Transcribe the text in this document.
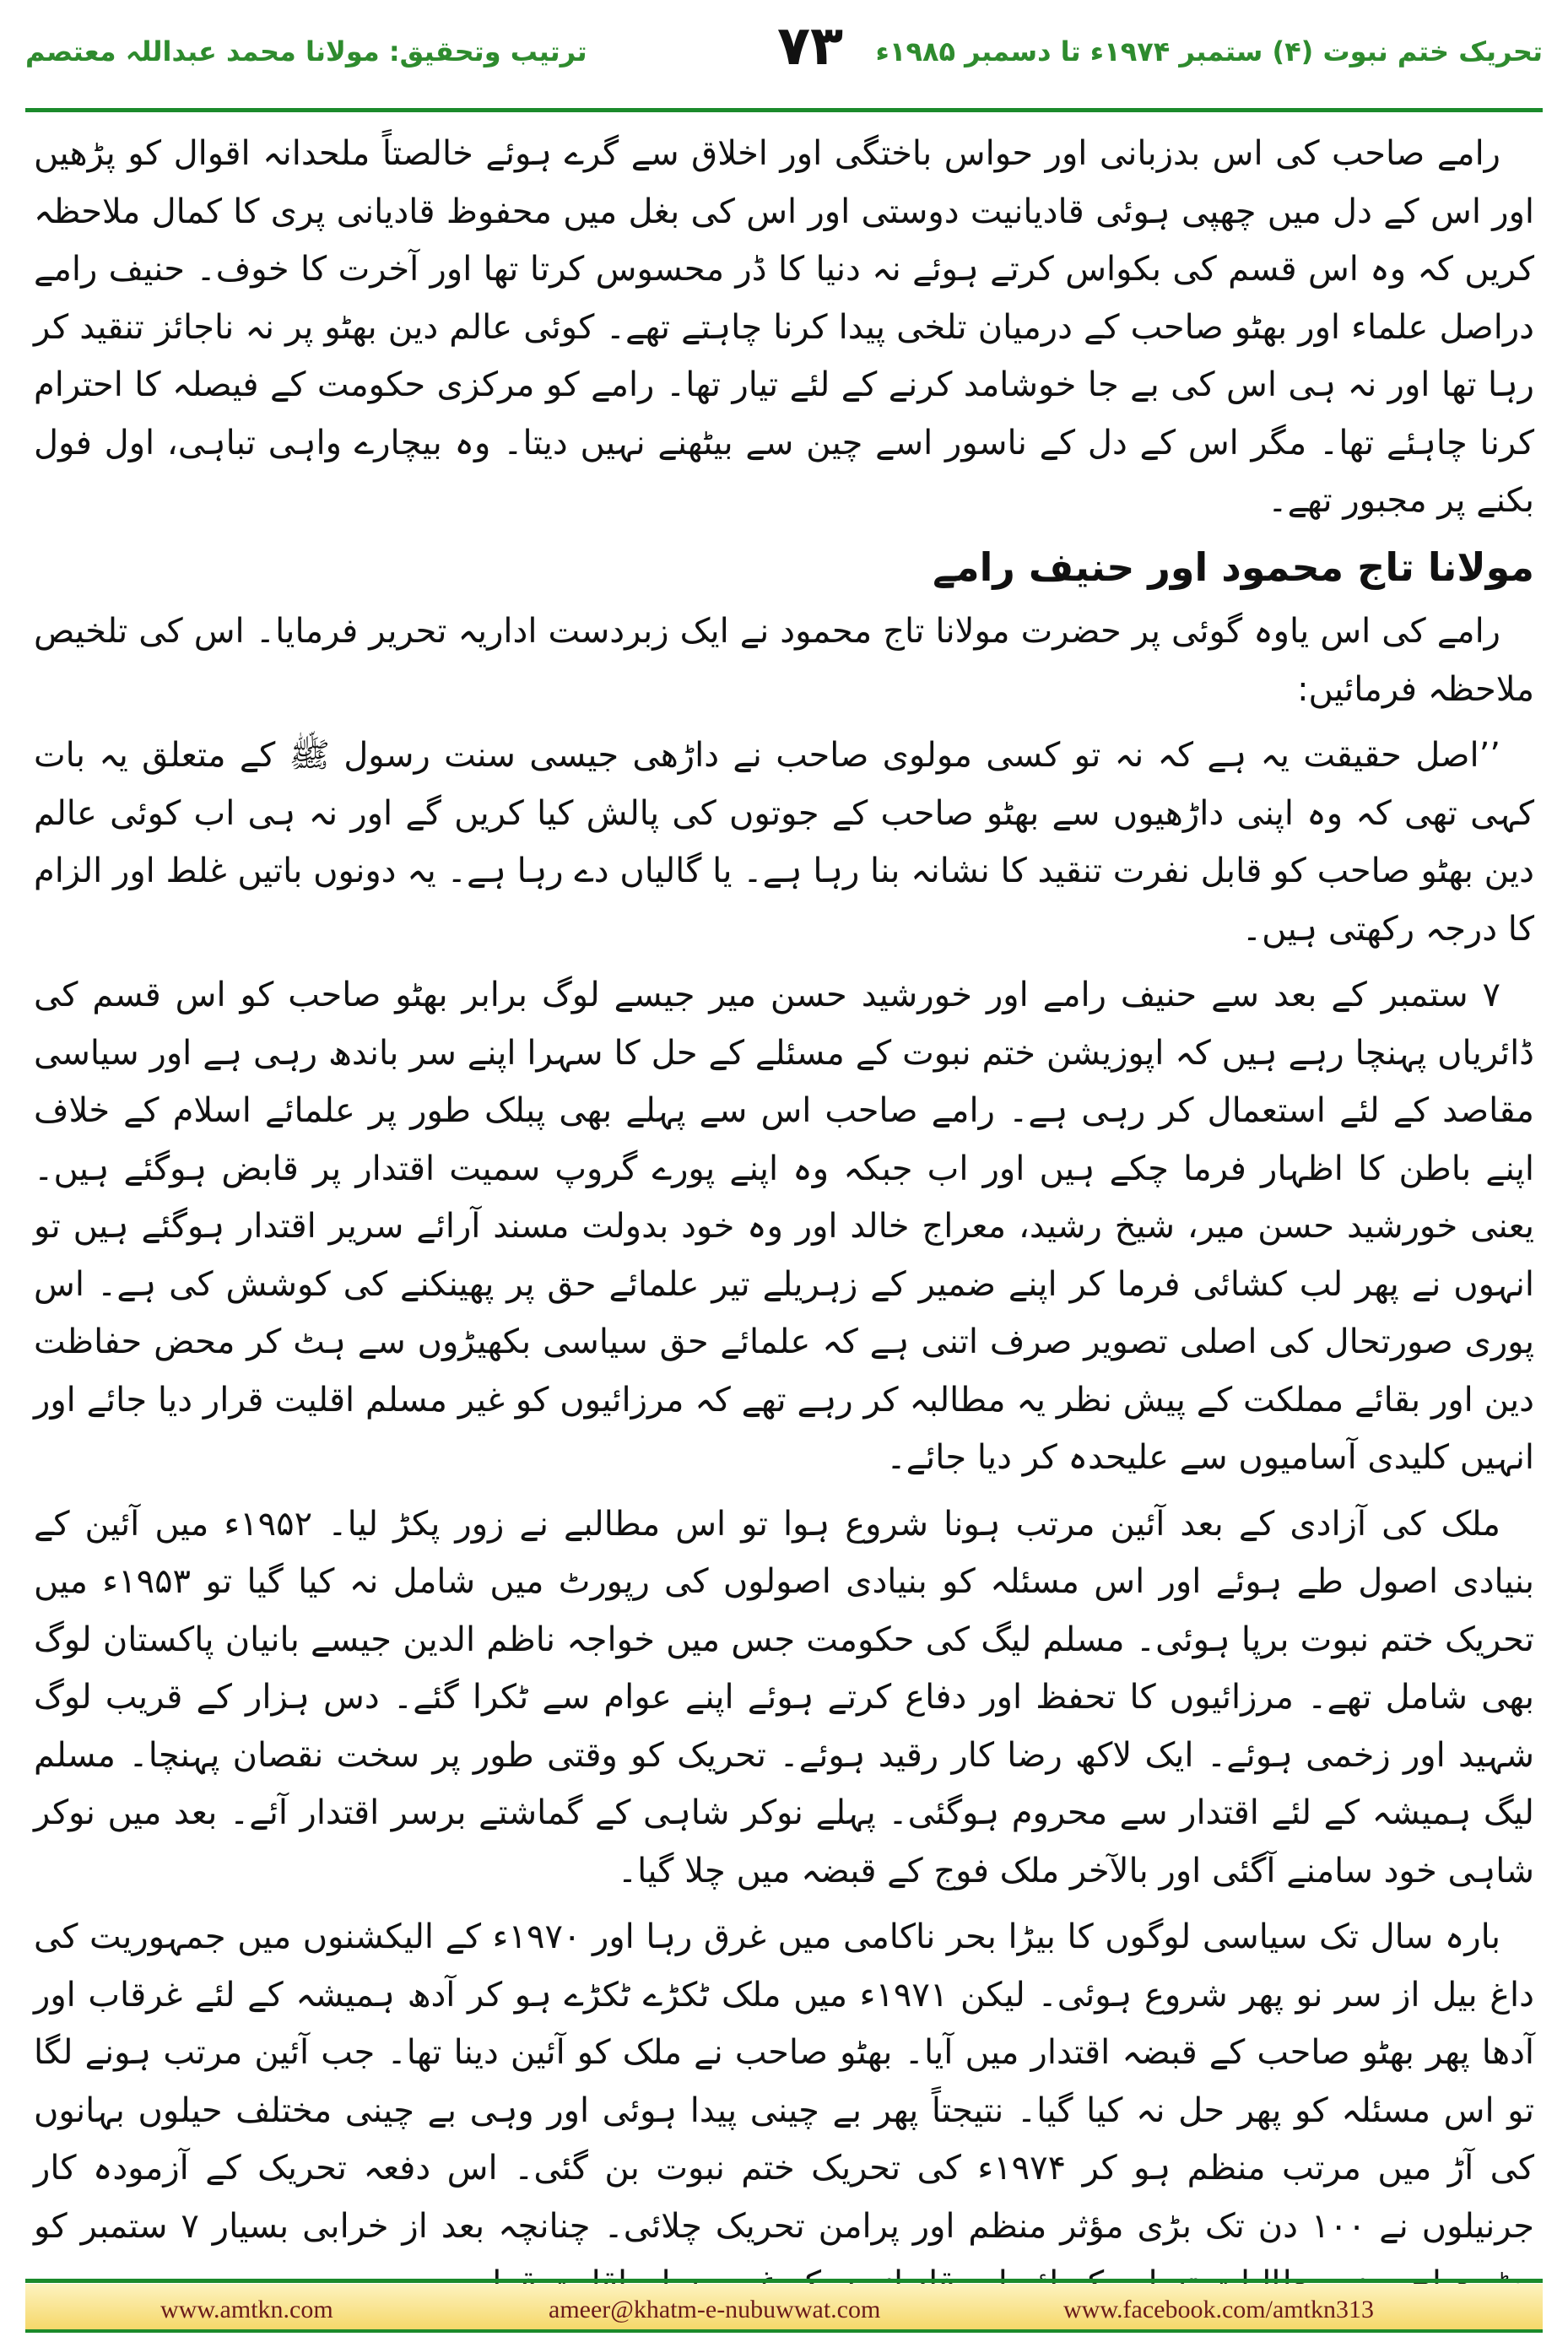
ترتیب وتحقیق: مولانا محمد عبداللہ معتصم	۷۳	تحریک ختم نبوت (۴) ستمبر ۱۹۷۴ء تا دسمبر ۱۹۸۵ء

رامے صاحب کی اس بدزبانی اور حواس باختگی اور اخلاق سے گرے ہوئے خالصتاً ملحدانہ اقوال کو پڑھیں اور اس کے دل میں چھپی ہوئی قادیانیت دوستی اور اس کی بغل میں محفوظ قادیانی پری کا کمال ملاحظہ کریں کہ وہ اس قسم کی بکواس کرتے ہوئے نہ دنیا کا ڈر محسوس کرتا تھا اور آخرت کا خوف۔ حنیف رامے دراصل علماء اور بھٹو صاحب کے درمیان تلخی پیدا کرنا چاہتے تھے۔ کوئی عالم دین بھٹو پر نہ ناجائز تنقید کر رہا تھا اور نہ ہی اس کی بے جا خوشامد کرنے کے لئے تیار تھا۔ رامے کو مرکزی حکومت کے فیصلہ کا احترام کرنا چاہئے تھا۔ مگر اس کے دل کے ناسور اسے چین سے بیٹھنے نہیں دیتا۔ وہ بیچارے واہی تباہی، اول فول بکنے پر مجبور تھے۔

مولانا تاج محمود اور حنیف رامے

رامے کی اس یاوہ گوئی پر حضرت مولانا تاج محمود نے ایک زبردست اداریہ تحریر فرمایا۔ اس کی تلخیص ملاحظہ فرمائیں:

’’اصل حقیقت یہ ہے کہ نہ تو کسی مولوی صاحب نے داڑھی جیسی سنت رسول ﷺ کے متعلق یہ بات کہی تھی کہ وہ اپنی داڑھیوں سے بھٹو صاحب کے جوتوں کی پالش کیا کریں گے اور نہ ہی اب کوئی عالم دین بھٹو صاحب کو قابل نفرت تنقید کا نشانہ بنا رہا ہے۔ یا گالیاں دے رہا ہے۔ یہ دونوں باتیں غلط اور الزام کا درجہ رکھتی ہیں۔

۷ ستمبر کے بعد سے حنیف رامے اور خورشید حسن میر جیسے لوگ برابر بھٹو صاحب کو اس قسم کی ڈائریاں پہنچا رہے ہیں کہ اپوزیشن ختم نبوت کے مسئلے کے حل کا سہرا اپنے سر باندھ رہی ہے اور سیاسی مقاصد کے لئے استعمال کر رہی ہے۔ رامے صاحب اس سے پہلے بھی پبلک طور پر علمائے اسلام کے خلاف اپنے باطن کا اظہار فرما چکے ہیں اور اب جبکہ وہ اپنے پورے گروپ سمیت اقتدار پر قابض ہوگئے ہیں۔ یعنی خورشید حسن میر، شیخ رشید، معراج خالد اور وہ خود بدولت مسند آرائے سریر اقتدار ہوگئے ہیں تو انہوں نے پھر لب کشائی فرما کر اپنے ضمیر کے زہریلے تیر علمائے حق پر پھینکنے کی کوشش کی ہے۔ اس پوری صورتحال کی اصلی تصویر صرف اتنی ہے کہ علمائے حق سیاسی بکھیڑوں سے ہٹ کر محض حفاظت دین اور بقائے مملکت کے پیش نظر یہ مطالبہ کر رہے تھے کہ مرزائیوں کو غیر مسلم اقلیت قرار دیا جائے اور انہیں کلیدی آسامیوں سے علیحدہ کر دیا جائے۔

ملک کی آزادی کے بعد آئین مرتب ہونا شروع ہوا تو اس مطالبے نے زور پکڑ لیا۔ ۱۹۵۲ء میں آئین کے بنیادی اصول طے ہوئے اور اس مسئلہ کو بنیادی اصولوں کی رپورٹ میں شامل نہ کیا گیا تو ۱۹۵۳ء میں تحریک ختم نبوت برپا ہوئی۔ مسلم لیگ کی حکومت جس میں خواجہ ناظم الدین جیسے بانیان پاکستان لوگ بھی شامل تھے۔ مرزائیوں کا تحفظ اور دفاع کرتے ہوئے اپنے عوام سے ٹکرا گئے۔ دس ہزار کے قریب لوگ شہید اور زخمی ہوئے۔ ایک لاکھ رضا کار رقید ہوئے۔ تحریک کو وقتی طور پر سخت نقصان پہنچا۔ مسلم لیگ ہمیشہ کے لئے اقتدار سے محروم ہوگئی۔ پہلے نوکر شاہی کے گماشتے برسر اقتدار آئے۔ بعد میں نوکر شاہی خود سامنے آگئی اور بالآخر ملک فوج کے قبضہ میں چلا گیا۔

بارہ سال تک سیاسی لوگوں کا بیڑا بحر ناکامی میں غرق رہا اور ۱۹۷۰ء کے الیکشنوں میں جمہوریت کی داغ بیل از سر نو پھر شروع ہوئی۔ لیکن ۱۹۷۱ء میں ملک ٹکڑے ٹکڑے ہو کر آدھ ہمیشہ کے لئے غرقاب اور آدھا پھر بھٹو صاحب کے قبضہ اقتدار میں آیا۔ بھٹو صاحب نے ملک کو آئین دینا تھا۔ جب آئین مرتب ہونے لگا تو اس مسئلہ کو پھر حل نہ کیا گیا۔ نتیجتاً پھر بے چینی پیدا ہوئی اور وہی بے چینی مختلف حیلوں بہانوں کی آڑ میں مرتب منظم ہو کر ۱۹۷۴ء کی تحریک ختم نبوت بن گئی۔ اس دفعہ تحریک کے آزمودہ کار جرنیلوں نے ۱۰۰ دن تک بڑی مؤثر منظم اور پرامن تحریک چلائی۔ چنانچہ بعد از خرابی بسیار ۷ ستمبر کو

www.amtkn.com	ameer@khatm-e-nubuwwat.com	www.facebook.com/amtkn313
